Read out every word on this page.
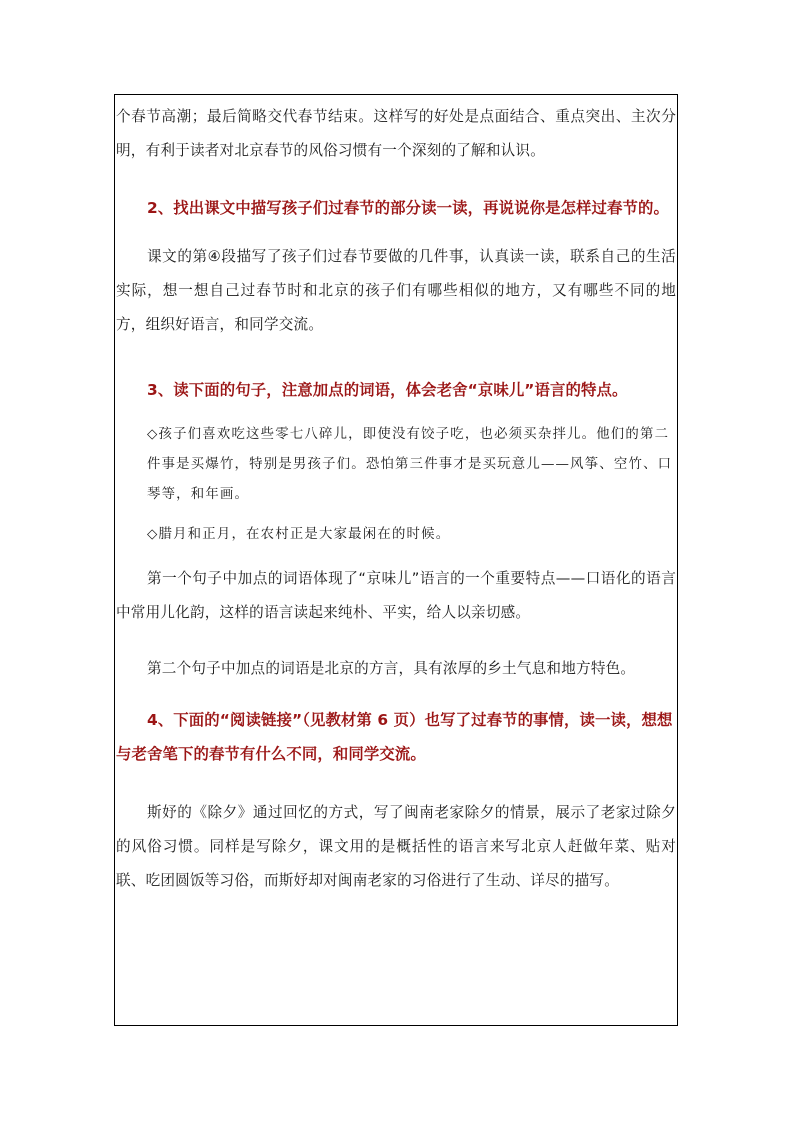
个春节高潮；最后简略交代春节结束。这样写的好处是点面结合、重点突出、主次分明，有利于读者对北京春节的风俗习惯有一个深刻的了解和认识。

2、找出课文中描写孩子们过春节的部分读一读，再说说你是怎样过春节的。

课文的第④段描写了孩子们过春节要做的几件事，认真读一读，联系自己的生活实际，想一想自己过春节时和北京的孩子们有哪些相似的地方，又有哪些不同的地方，组织好语言，和同学交流。

3、读下面的句子，注意加点的词语，体会老舍“京味儿”语言的特点。

◇孩子们喜欢吃这些零七八碎儿，即使没有饺子吃，也必须买杂拌儿。他们的第二件事是买爆竹，特别是男孩子们。恐怕第三件事才是买玩意儿——风筝、空竹、口琴等，和年画。

◇腊月和正月，在农村正是大家最闲在的时候。

第一个句子中加点的词语体现了“京味儿”语言的一个重要特点——口语化的语言中常用儿化韵，这样的语言读起来纯朴、平实，给人以亲切感。

第二个句子中加点的词语是北京的方言，具有浓厚的乡土气息和地方特色。

4、下面的“阅读链接”（见教材第 6 页）也写了过春节的事情，读一读，想想与老舍笔下的春节有什么不同，和同学交流。

斯妤的《除夕》通过回忆的方式，写了闽南老家除夕的情景，展示了老家过除夕的风俗习惯。同样是写除夕，课文用的是概括性的语言来写北京人赶做年菜、贴对联、吃团圆饭等习俗，而斯妤却对闽南老家的习俗进行了生动、详尽的描写。
